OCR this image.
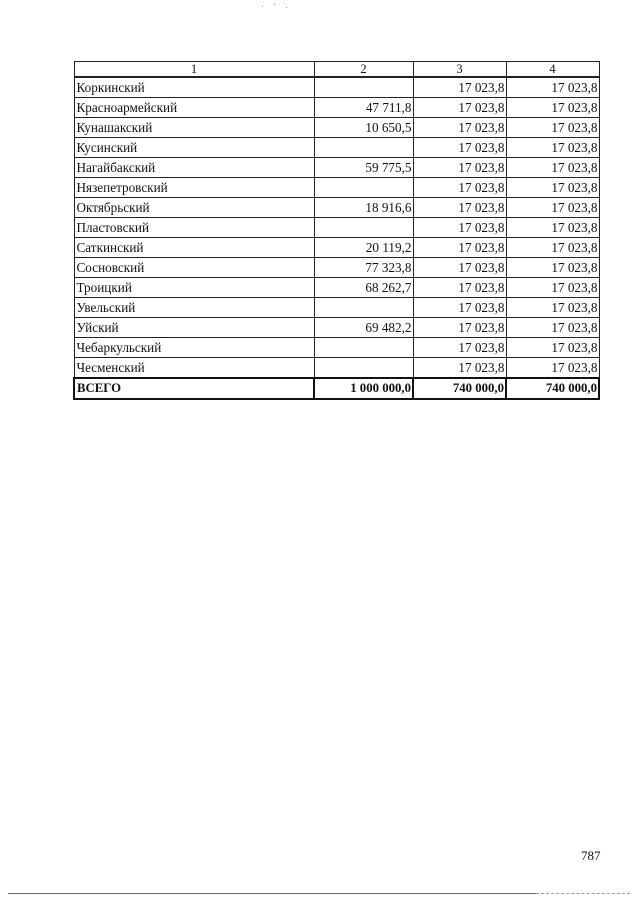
1	2	3	4
Коркинский		17 023,8	17 023,8
Красноармейский	47 711,8	17 023,8	17 023,8
Кунашакский	10 650,5	17 023,8	17 023,8
Кусинский		17 023,8	17 023,8
Нагайбакский	59 775,5	17 023,8	17 023,8
Нязепетровский		17 023,8	17 023,8
Октябрьский	18 916,6	17 023,8	17 023,8
Пластовский		17 023,8	17 023,8
Саткинский	20 119,2	17 023,8	17 023,8
Сосновский	77 323,8	17 023,8	17 023,8
Троицкий	68 262,7	17 023,8	17 023,8
Увельский		17 023,8	17 023,8
Уйский	69 482,2	17 023,8	17 023,8
Чебаркульский		17 023,8	17 023,8
Чесменский		17 023,8	17 023,8
ВСЕГО	1 000 000,0	740 000,0	740 000,0
787
